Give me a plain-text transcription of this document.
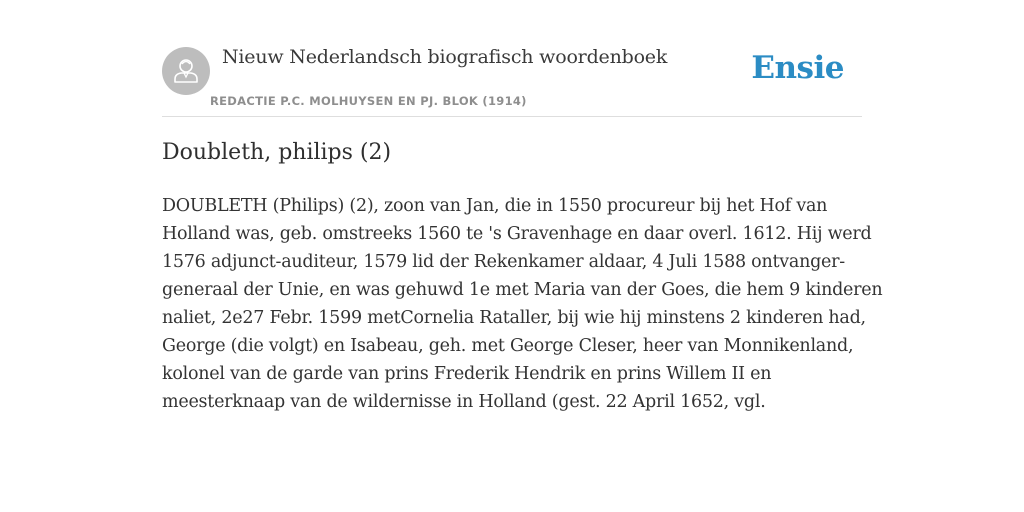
Nieuw Nederlandsch biografisch woordenboek
REDACTIE P.C. MOLHUYSEN EN PJ. BLOK (1914)
Ensie
Doubleth, philips (2)

DOUBLETH (Philips) (2), zoon van Jan, die in 1550 procureur bij het Hof van
Holland was, geb. omstreeks 1560 te 's Gravenhage en daar overl. 1612. Hij werd
1576 adjunct-auditeur, 1579 lid der Rekenkamer aldaar, 4 Juli 1588 ontvanger-
generaal der Unie, en was gehuwd 1e met Maria van der Goes, die hem 9 kinderen
naliet, 2e27 Febr. 1599 metCornelia Rataller, bij wie hij minstens 2 kinderen had,
George (die volgt) en Isabeau, geh. met George Cleser, heer van Monnikenland,
kolonel van de garde van prins Frederik Hendrik en prins Willem II en
meesterknaap van de wildernisse in Holland (gest. 22 April 1652, vgl.
